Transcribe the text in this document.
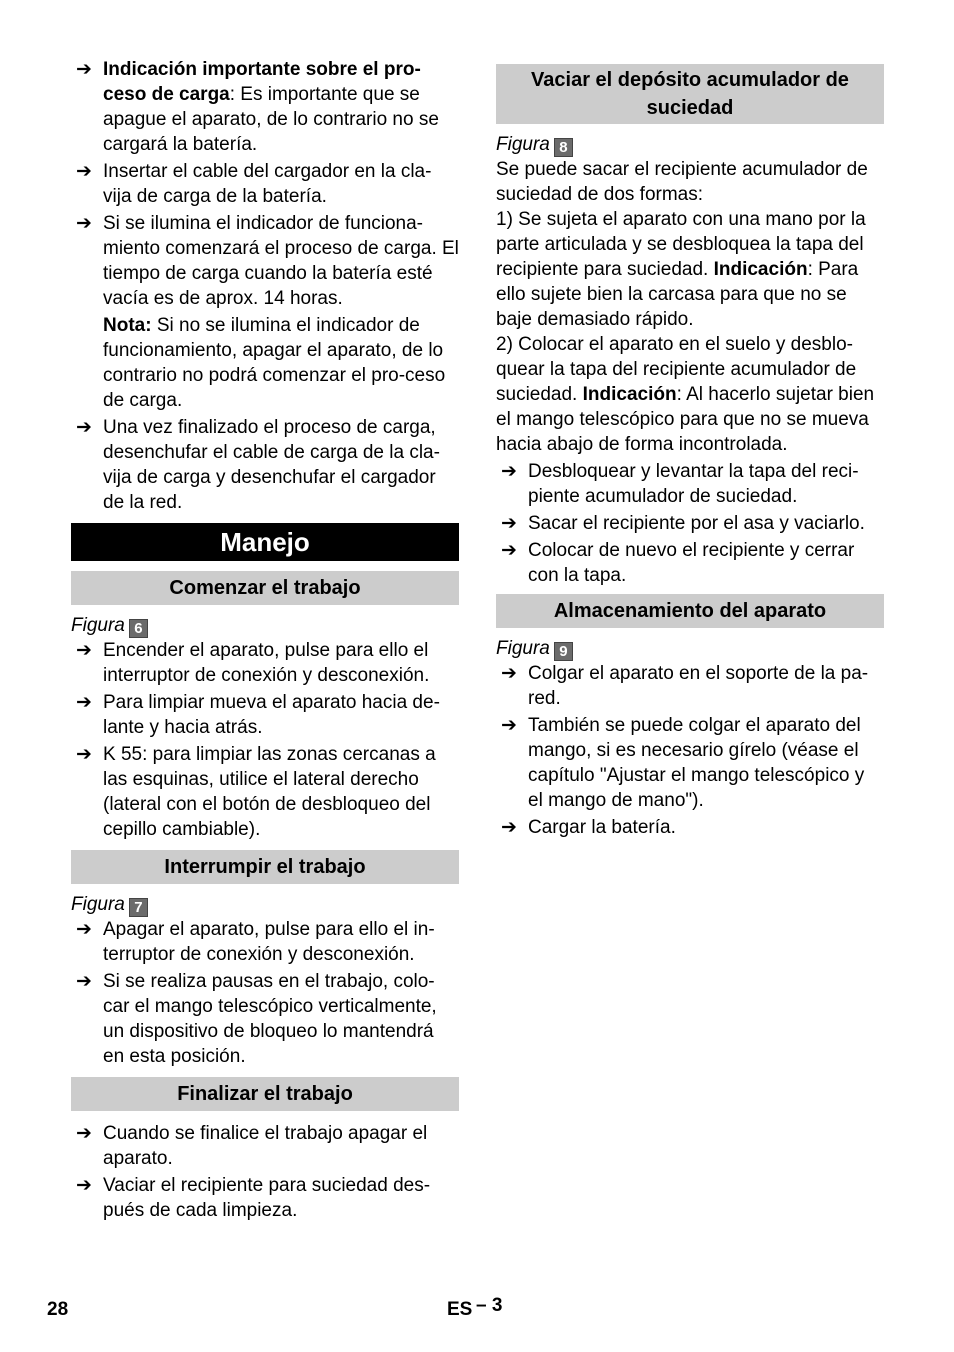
➔ Indicación importante sobre el pro-ceso de carga: Es importante que se apague el aparato, de lo contrario no se cargará la batería.
➔ Insertar el cable del cargador en la cla-vija de carga de la batería.
➔ Si se ilumina el indicador de funciona-miento comenzará el proceso de carga. El tiempo de carga cuando la batería esté vacía es de aprox. 14 horas.
Nota: Si no se ilumina el indicador de funcionamiento, apagar el aparato, de lo contrario no podrá comenzar el pro-ceso de carga.
➔ Una vez finalizado el proceso de carga, desenchufar el cable de carga de la cla-vija de carga y desenchufar el cargador de la red.
Manejo
Comenzar el trabajo
Figura 6
➔ Encender el aparato, pulse para ello el interruptor de conexión y desconexión.
➔ Para limpiar mueva el aparato hacia de-lante y hacia atrás.
➔ K 55: para limpiar las zonas cercanas a las esquinas, utilice el lateral derecho (lateral con el botón de desbloqueo del cepillo cambiable).
Interrumpir el trabajo
Figura 7
➔ Apagar el aparato, pulse para ello el in-terruptor de conexión y desconexión.
➔ Si se realiza pausas en el trabajo, colo-car el mango telescópico verticalmente, un dispositivo de bloqueo lo mantendrá en esta posición.
Finalizar el trabajo
➔ Cuando se finalice el trabajo apagar el aparato.
➔ Vaciar el recipiente para suciedad des-pués de cada limpieza.
Vaciar el depósito acumulador de suciedad
Figura 8

Se puede sacar el recipiente acumulador de suciedad de dos formas:

1) Se sujeta el aparato con una mano por la parte articulada y se desbloquea la tapa del recipiente para suciedad. Indicación: Para ello sujete bien la carcasa para que no se baje demasiado rápido.

2) Colocar el aparato en el suelo y desblo-quear la tapa del recipiente acumulador de suciedad. Indicación: Al hacerlo sujetar bien el mango telescópico para que no se mueva hacia abajo de forma incontrolada.

➔ Desbloquear y levantar la tapa del reci-piente acumulador de suciedad.
➔ Sacar el recipiente por el asa y vaciarlo.
➔ Colocar de nuevo el recipiente y cerrar con la tapa.
Almacenamiento del aparato
Figura 9
➔ Colgar el aparato en el soporte de la pa-red.
➔ También se puede colgar el aparato del mango, si es necesario gírelo (véase el capítulo "Ajustar el mango telescópico y el mango de mano").
➔ Cargar la batería.
28	ES – 3
